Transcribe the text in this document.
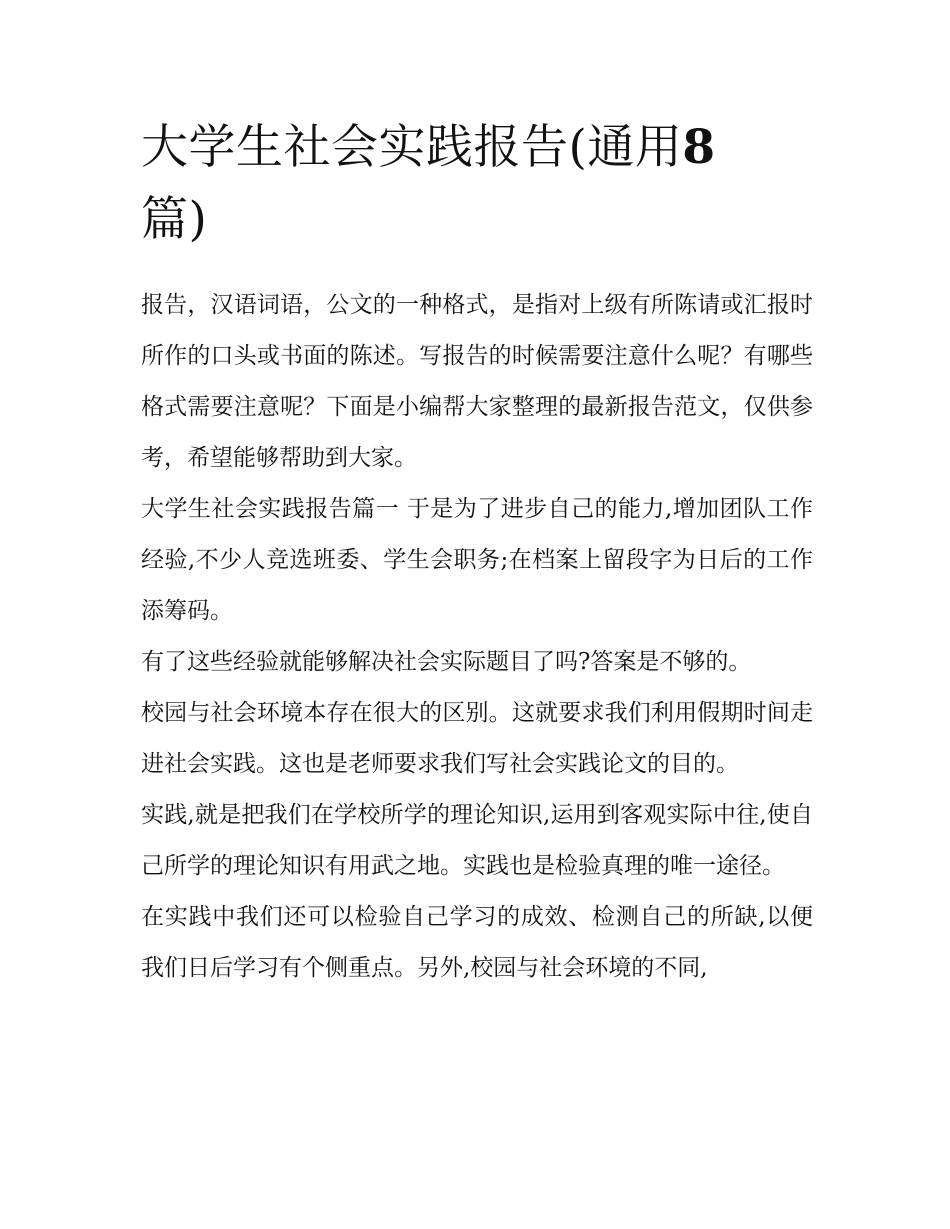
大学生社会实践报告(通用8
篇)

报告，汉语词语，公文的一种格式，是指对上级有所陈请或汇报时所作的口头或书面的陈述。写报告的时候需要注意什么呢？有哪些格式需要注意呢？下面是小编帮大家整理的最新报告范文，仅供参考，希望能够帮助到大家。

大学生社会实践报告篇一 于是为了进步自己的能力,增加团队工作经验,不少人竞选班委、学生会职务;在档案上留段字为日后的工作添筹码。

有了这些经验就能够解决社会实际题目了吗?答案是不够的。

校园与社会环境本存在很大的区别。这就要求我们利用假期时间走进社会实践。这也是老师要求我们写社会实践论文的目的。

实践,就是把我们在学校所学的理论知识,运用到客观实际中往,使自己所学的理论知识有用武之地。实践也是检验真理的唯一途径。

在实践中我们还可以检验自己学习的成效、检测自己的所缺,以便我们日后学习有个侧重点。另外,校园与社会环境的不同,
